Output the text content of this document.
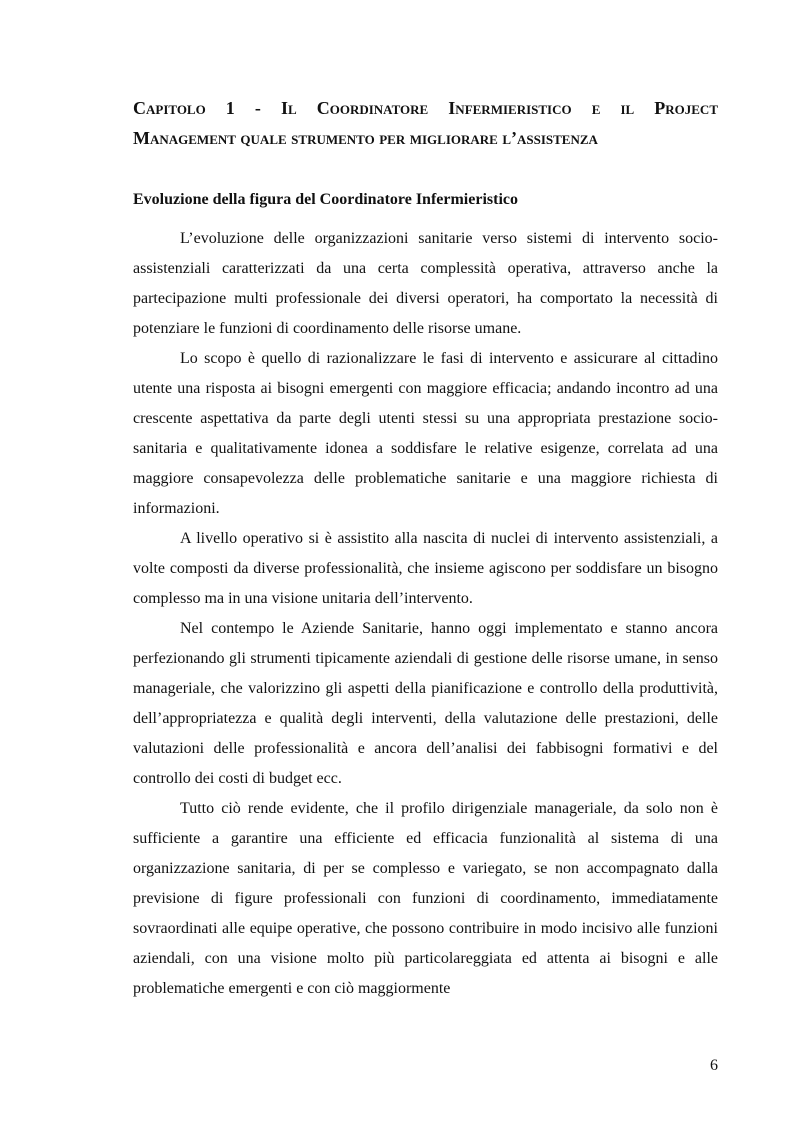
Capitolo 1 - Il Coordinatore Infermieristico e il Project
Management quale strumento per migliorare l’assistenza
Evoluzione della figura del Coordinatore Infermieristico

L’evoluzione delle organizzazioni sanitarie verso sistemi di intervento socio-assistenziali caratterizzati da una certa complessità operativa, attraverso anche la partecipazione multi professionale dei diversi operatori, ha comportato la necessità di potenziare le funzioni di coordinamento delle risorse umane.

Lo scopo è quello di razionalizzare le fasi di intervento e assicurare al cittadino utente una risposta ai bisogni emergenti con maggiore efficacia; andando incontro ad una crescente aspettativa da parte degli utenti stessi su una appropriata prestazione socio-sanitaria e qualitativamente idonea a soddisfare le relative esigenze, correlata ad una maggiore consapevolezza delle problematiche sanitarie e una maggiore richiesta di informazioni.

A livello operativo si è assistito alla nascita di nuclei di intervento assistenziali, a volte composti da diverse professionalità, che insieme agiscono per soddisfare un bisogno complesso ma in una visione unitaria dell’intervento.

Nel contempo le Aziende Sanitarie, hanno oggi implementato e stanno ancora perfezionando gli strumenti tipicamente aziendali di gestione delle risorse umane, in senso manageriale, che valorizzino gli aspetti della pianificazione e controllo della produttività, dell’appropriatezza e qualità degli interventi, della valutazione delle prestazioni, delle valutazioni delle professionalità e ancora dell’analisi dei fabbisogni formativi e del controllo dei costi di budget ecc.

Tutto ciò rende evidente, che il profilo dirigenziale manageriale, da solo non è sufficiente a garantire una efficiente ed efficacia funzionalità al sistema di una organizzazione sanitaria, di per se complesso e variegato, se non accompagnato dalla previsione di figure professionali con funzioni di coordinamento, immediatamente sovraordinati alle equipe operative, che possono contribuire in modo incisivo alle funzioni aziendali, con una visione molto più particolareggiata ed attenta ai bisogni e alle problematiche emergenti e con ciò maggiormente

6
